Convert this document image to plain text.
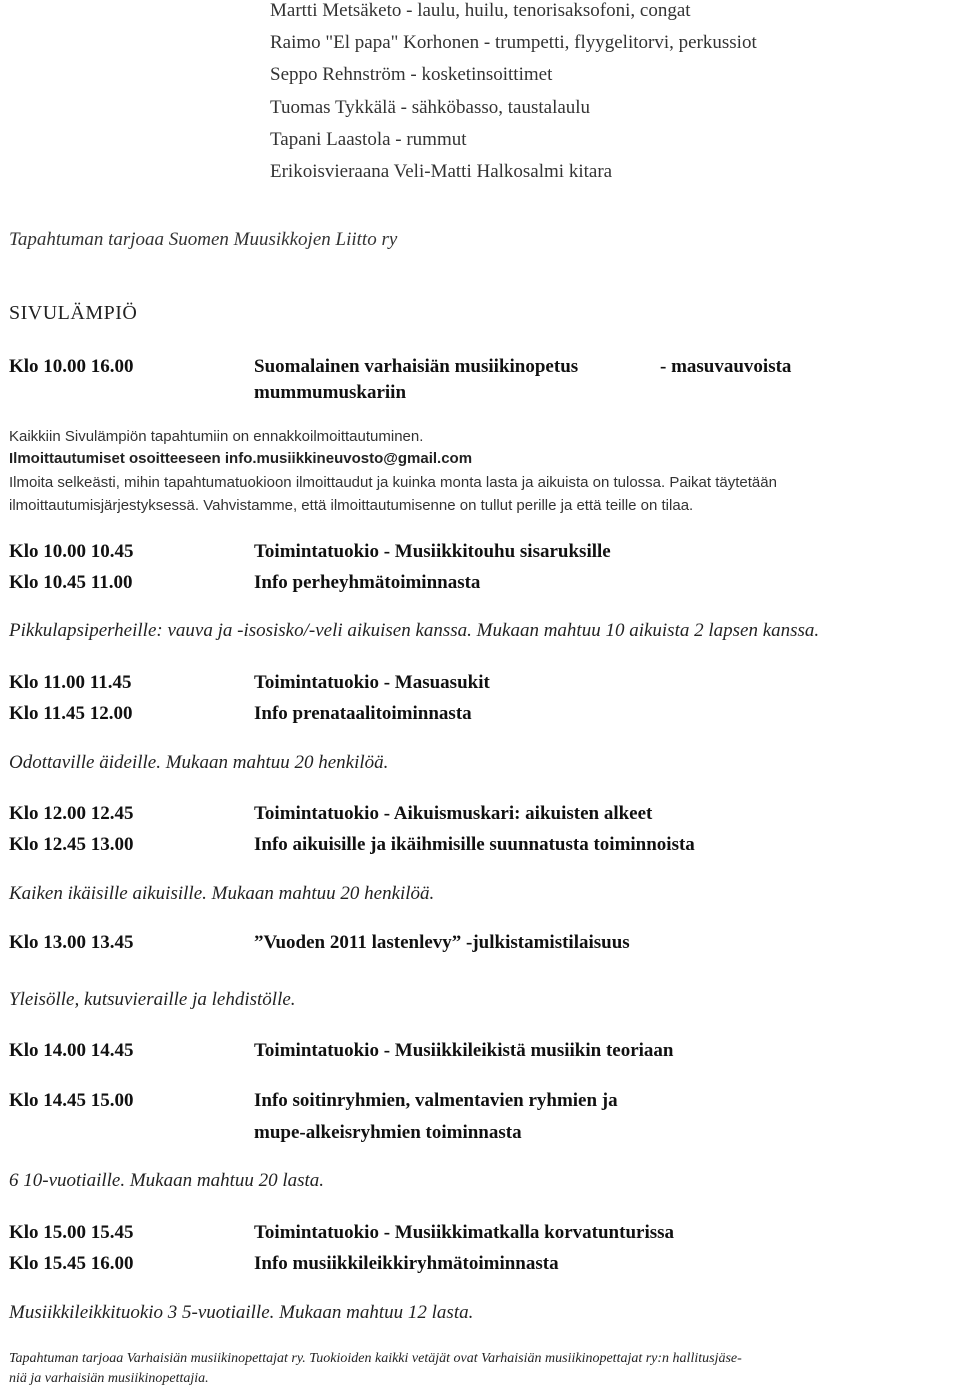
Martti Metsäketo - laulu, huilu, tenorisaksofoni, congat
Raimo "El papa" Korhonen - trumpetti, flyygelitorvi, perkussiot
Seppo Rehnström - kosketinsoittimet
Tuomas Tykkälä - sähköbasso, taustalaulu
Tapani Laastola - rummut
Erikoisvieraana Veli-Matti Halkosalmi kitara
Tapahtuman tarjoaa Suomen Muusikkojen Liitto ry
SIVULÄMPIÖ
Klo 10.00 16.00	Suomalainen varhaisiän musiikinopetus	- masuvauvoista
mummumuskariin
Kaikkiin Sivulämpiön tapahtumiin on ennakkoilmoittautuminen.
Ilmoittautumiset osoitteeseen info.musiikkineuvosto@gmail.com
Ilmoita selkeästi, mihin tapahtumatuokioon ilmoittaudut ja kuinka monta lasta ja aikuista on tulossa. Paikat täytetään
ilmoittautumisjärjestyksessä. Vahvistamme, että ilmoittautumisenne on tullut perille ja että teille on tilaa.
Klo 10.00 10.45	Toimintatuokio - Musiikkitouhu sisaruksille
Klo 10.45 11.00	Info perheyhmätoiminnasta
Pikkulapsiperheille: vauva ja -isosisko/-veli aikuisen kanssa. Mukaan mahtuu 10 aikuista 2 lapsen kanssa.
Klo 11.00 11.45	Toimintatuokio - Masuasukit
Klo 11.45 12.00	Info prenataalitoiminnasta
Odottaville äideille. Mukaan mahtuu 20 henkilöä.
Klo 12.00 12.45	Toimintatuokio - Aikuismuskari: aikuisten alkeet
Klo 12.45 13.00	Info aikuisille ja ikäihmisille suunnatusta toiminnoista
Kaiken ikäisille aikuisille. Mukaan mahtuu 20 henkilöä.
Klo 13.00 13.45	”Vuoden 2011 lastenlevy” -julkistamistilaisuus
Yleisölle, kutsuvieraille ja lehdistölle.
Klo 14.00 14.45	Toimintatuokio - Musiikkileikistä musiikin teoriaan
Klo 14.45 15.00	Info soitinryhmien, valmentavien ryhmien ja
mupe-alkeisryhmien toiminnasta
6 10-vuotiaille. Mukaan mahtuu 20 lasta.
Klo 15.00 15.45	Toimintatuokio - Musiikkimatkalla korvatunturissa
Klo 15.45 16.00	Info musiikkileikkiryhmätoiminnasta
Musiikkileikkituokio 3 5-vuotiaille. Mukaan mahtuu 12 lasta.
Tapahtuman tarjoaa Varhaisiän musiikinopettajat ry. Tuokioiden kaikki vetäjät ovat Varhaisiän musiikinopettajat ry:n hallitusjäse-
niä ja varhaisiän musiikinopettajia.
